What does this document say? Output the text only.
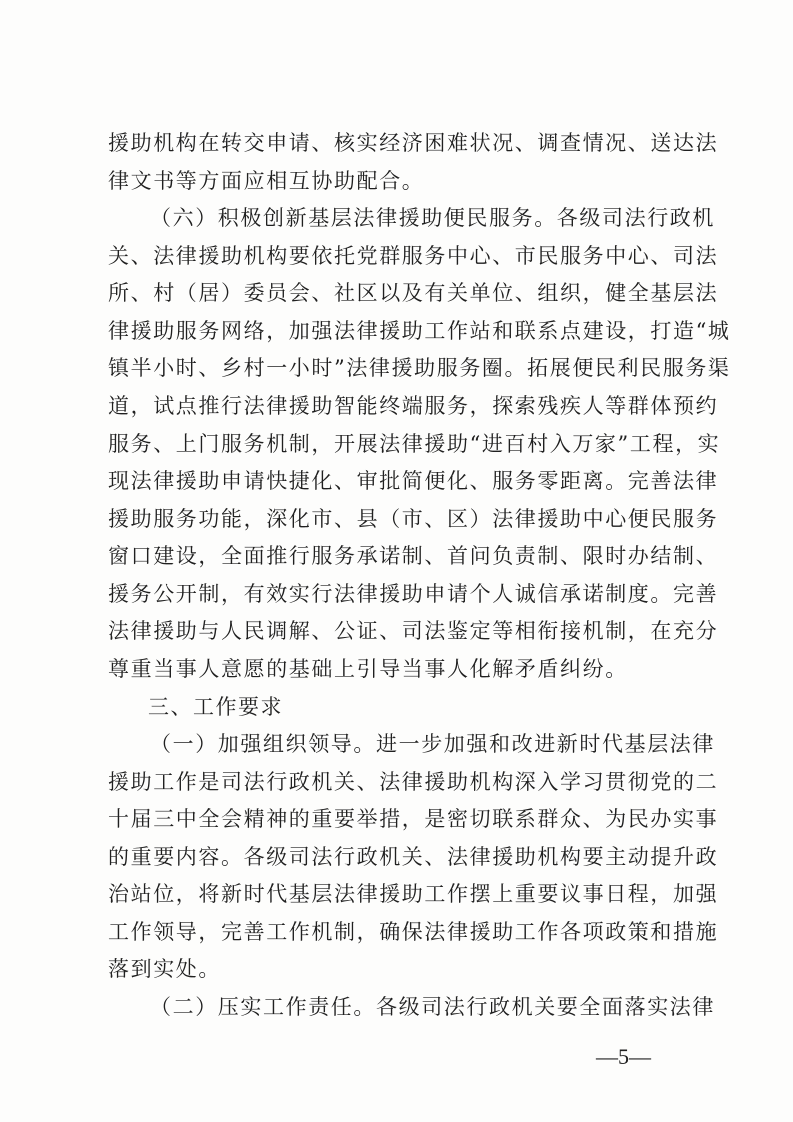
援助机构在转交申请、核实经济困难状况、调查情况、送达法
律文书等方面应相互协助配合。
（六）积极创新基层法律援助便民服务。各级司法行政机
关、法律援助机构要依托党群服务中心、市民服务中心、司法
所、村（居）委员会、社区以及有关单位、组织，健全基层法
律援助服务网络，加强法律援助工作站和联系点建设，打造“城
镇半小时、乡村一小时”法律援助服务圈。拓展便民利民服务渠
道，试点推行法律援助智能终端服务，探索残疾人等群体预约
服务、上门服务机制，开展法律援助“进百村入万家”工程，实
现法律援助申请快捷化、审批简便化、服务零距离。完善法律
援助服务功能，深化市、县（市、区）法律援助中心便民服务
窗口建设，全面推行服务承诺制、首问负责制、限时办结制、
援务公开制，有效实行法律援助申请个人诚信承诺制度。完善
法律援助与人民调解、公证、司法鉴定等相衔接机制，在充分
尊重当事人意愿的基础上引导当事人化解矛盾纠纷。
三、工作要求
（一）加强组织领导。进一步加强和改进新时代基层法律
援助工作是司法行政机关、法律援助机构深入学习贯彻党的二
十届三中全会精神的重要举措，是密切联系群众、为民办实事
的重要内容。各级司法行政机关、法律援助机构要主动提升政
治站位，将新时代基层法律援助工作摆上重要议事日程，加强
工作领导，完善工作机制，确保法律援助工作各项政策和措施
落到实处。
（二）压实工作责任。各级司法行政机关要全面落实法律
—5—
